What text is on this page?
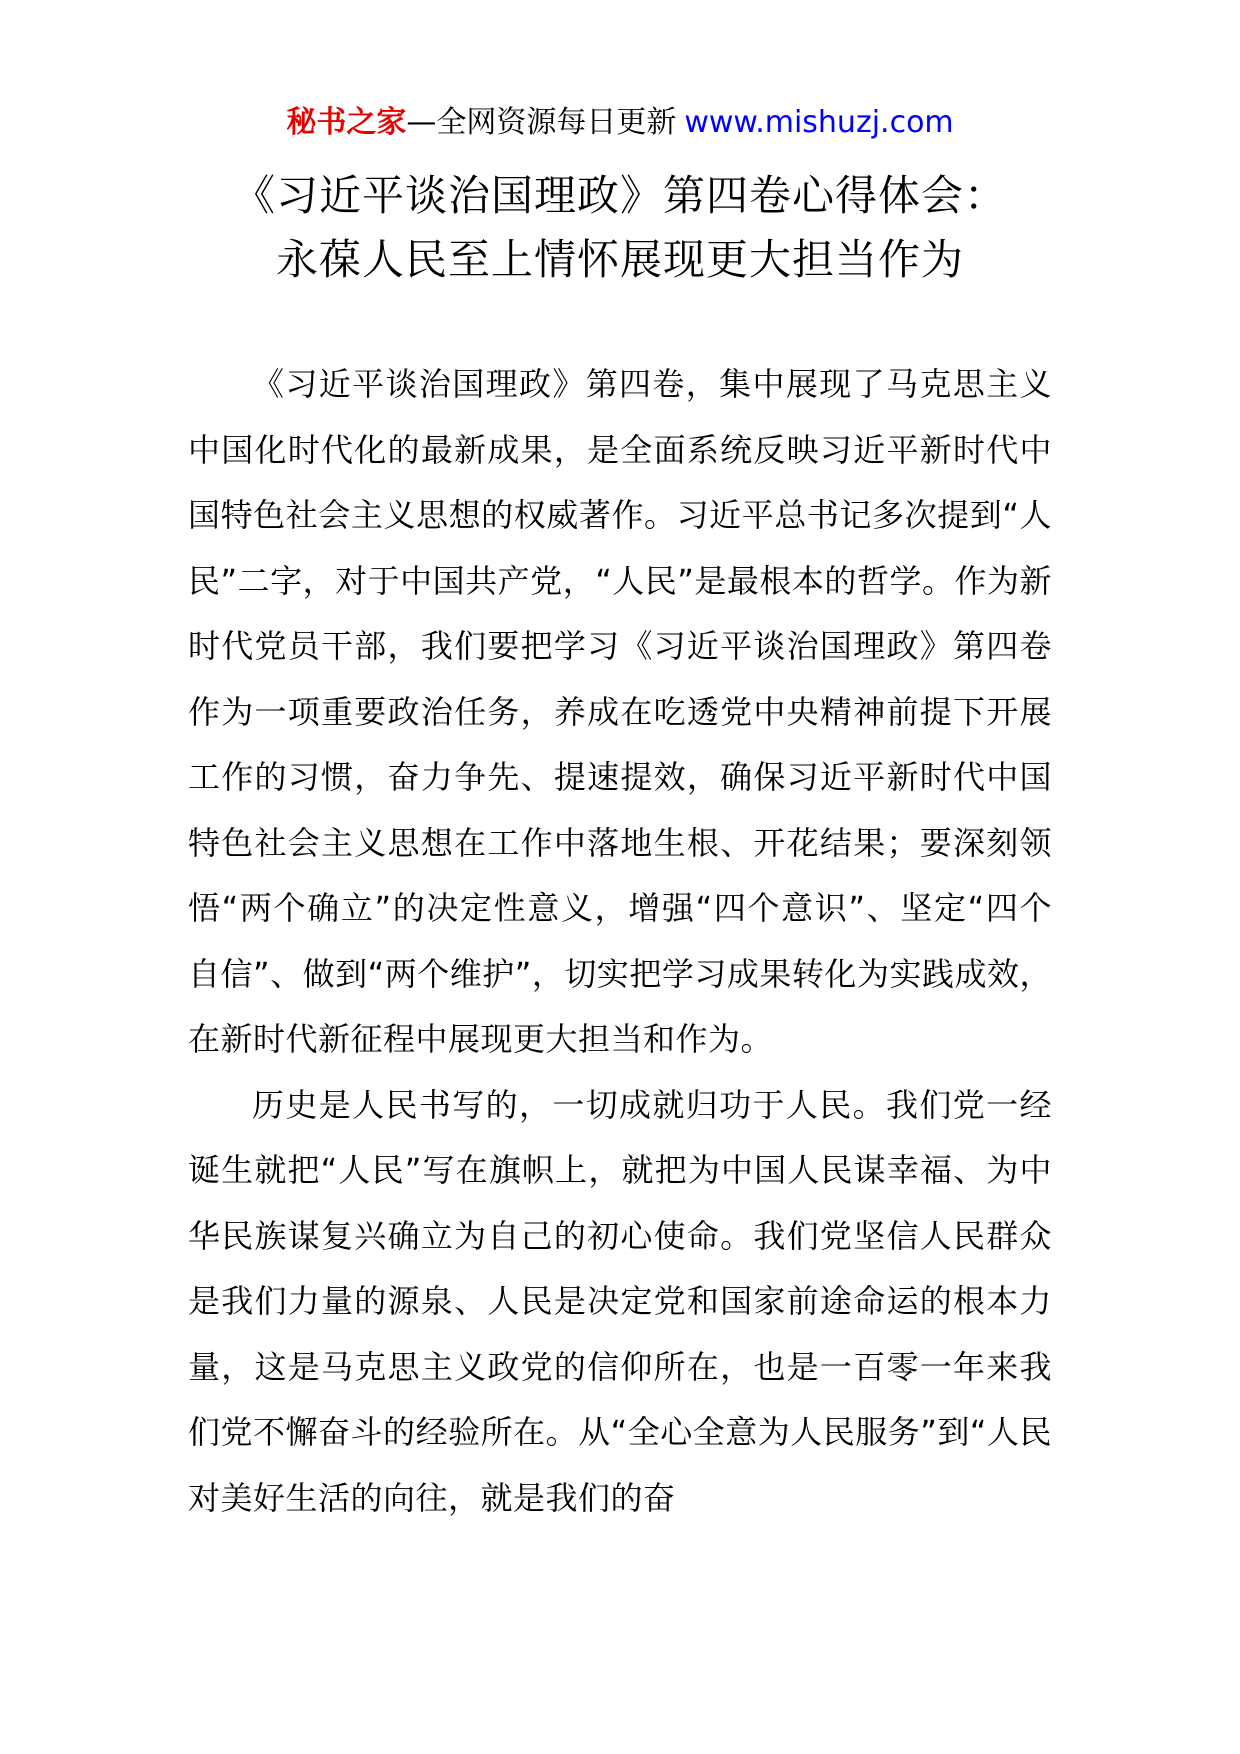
秘书之家—全网资源每日更新 www.mishuzj.com
《习近平谈治国理政》第四卷心得体会：
永葆人民至上情怀展现更大担当作为

《习近平谈治国理政》第四卷，集中展现了马克思主义中国化时代化的最新成果，是全面系统反映习近平新时代中国特色社会主义思想的权威著作。习近平总书记多次提到“人民”二字，对于中国共产党，“人民”是最根本的哲学。作为新时代党员干部，我们要把学习《习近平谈治国理政》第四卷作为一项重要政治任务，养成在吃透党中央精神前提下开展工作的习惯，奋力争先、提速提效，确保习近平新时代中国特色社会主义思想在工作中落地生根、开花结果；要深刻领悟“两个确立”的决定性意义，增强“四个意识”、坚定“四个自信”、做到“两个维护”，切实把学习成果转化为实践成效，在新时代新征程中展现更大担当和作为。

历史是人民书写的，一切成就归功于人民。我们党一经诞生就把“人民”写在旗帜上，就把为中国人民谋幸福、为中华民族谋复兴确立为自己的初心使命。我们党坚信人民群众是我们力量的源泉、人民是决定党和国家前途命运的根本力量，这是马克思主义政党的信仰所在，也是一百零一年来我们党不懈奋斗的经验所在。从“全心全意为人民服务”到“人民对美好生活的向往，就是我们的奋
